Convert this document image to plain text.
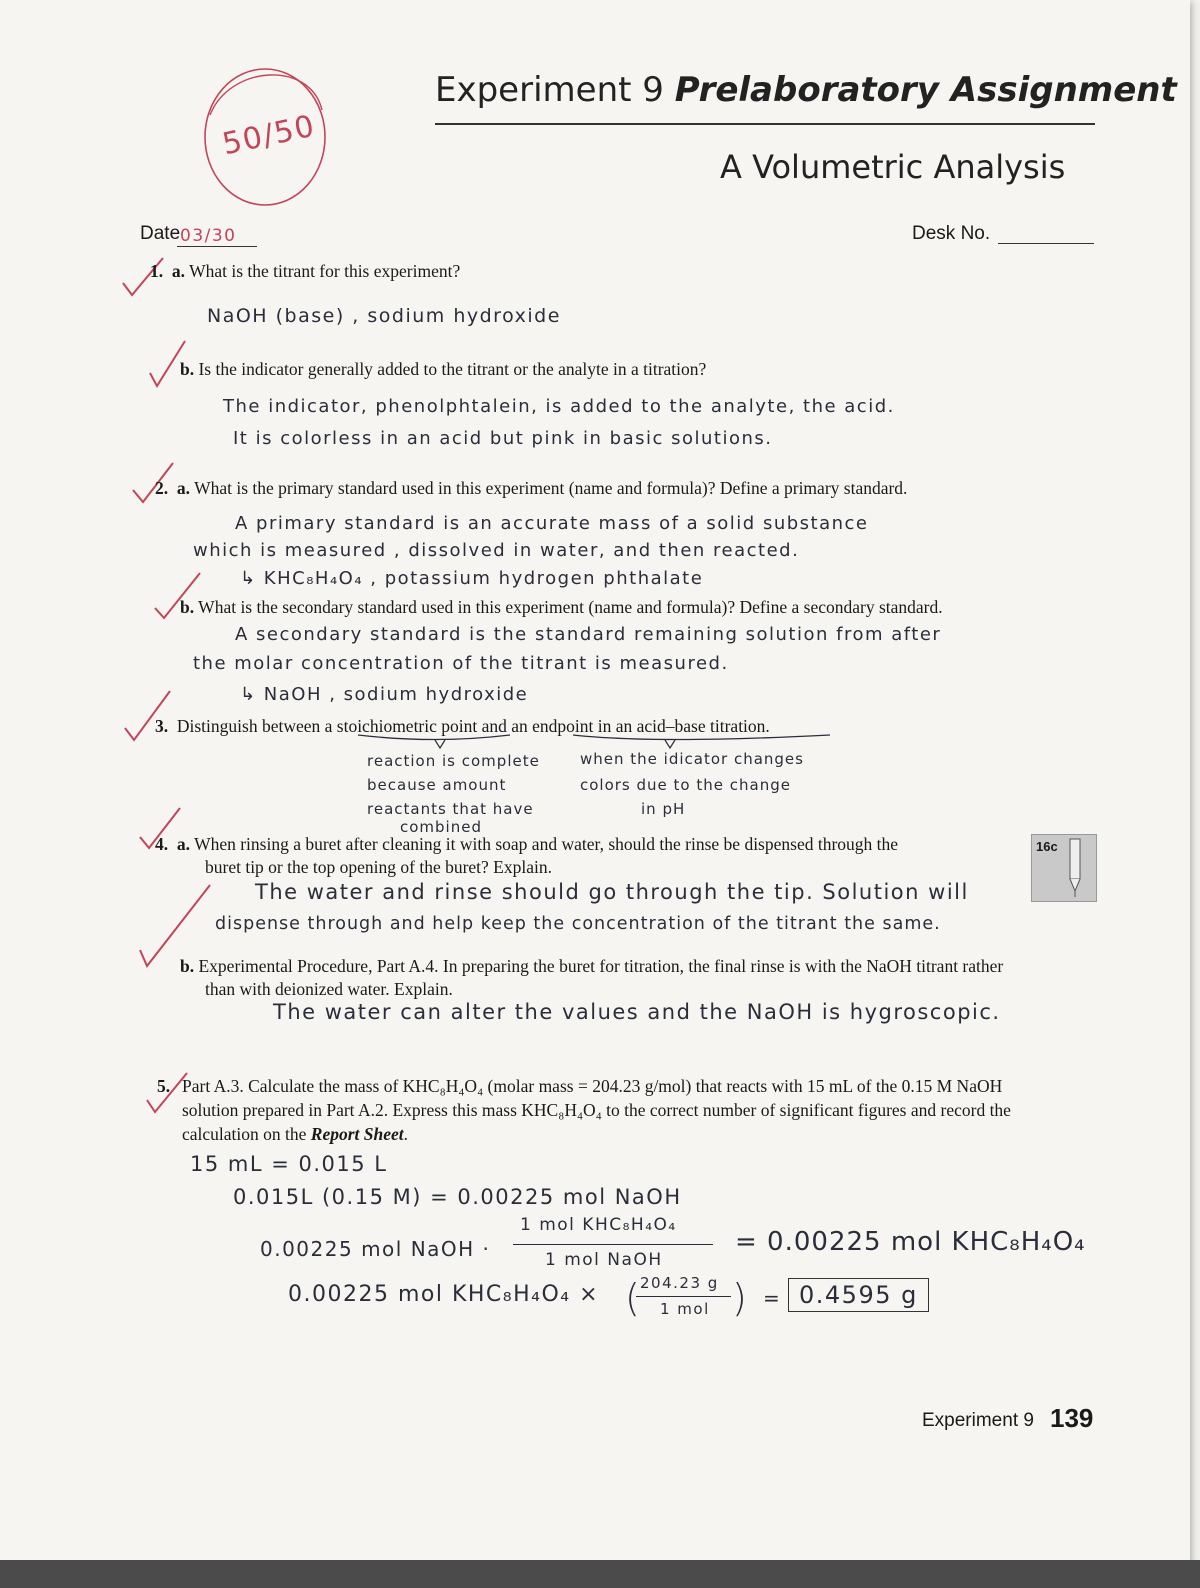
50/50
Experiment 9 Prelaboratory Assignment
A Volumetric Analysis
Date 03/30	Desk No.
1. a. What is the titrant for this experiment?
NaOH (base) , sodium hydroxide
b. Is the indicator generally added to the titrant or the analyte in a titration?
The indicator, phenolphtalein, is added to the analyte, the acid.
It is colorless in an acid but pink in basic solutions.
2. a. What is the primary standard used in this experiment (name and formula)? Define a primary standard.
A primary standard is an accurate mass of a solid substance
which is measured , dissolved in water, and then reacted.
↳ KHC₈H₄O₄ , potassium hydrogen phthalate
b. What is the secondary standard used in this experiment (name and formula)? Define a secondary standard.
A secondary standard is the standard remaining solution from after
the molar concentration of the titrant is measured.
↳ NaOH , sodium hydroxide
3. Distinguish between a stoichiometric point and an endpoint in an acid–base titration.
reaction is complete
because amount
reactants that have
combined
when the idicator changes
colors due to the change
in pH
4. a. When rinsing a buret after cleaning it with soap and water, should the rinse be dispensed through the
buret tip or the top opening of the buret? Explain.
16c
The water and rinse should go through the tip. Solution will
dispense through and help keep the concentration of the titrant the same.
b. Experimental Procedure, Part A.4. In preparing the buret for titration, the final rinse is with the NaOH titrant rather
than with deionized water. Explain.
The water can alter the values and the NaOH is hygroscopic.
5. Part A.3. Calculate the mass of KHC₈H₄O₄ (molar mass = 204.23 g/mol) that reacts with 15 mL of the 0.15 M NaOH
solution prepared in Part A.2. Express this mass KHC₈H₄O₄ to the correct number of significant figures and record the
calculation on the Report Sheet.
15 mL = 0.015 L
0.015L (0.15 M) = 0.00225 mol NaOH
0.00225 mol NaOH ·
1 mol KHC₈H₄O₄
1 mol NaOH
= 0.00225 mol KHC₈H₄O₄
0.00225 mol KHC₈H₄O₄ × (
204.23 g
1 mol ) = 0.4595 g
Experiment 9 139
